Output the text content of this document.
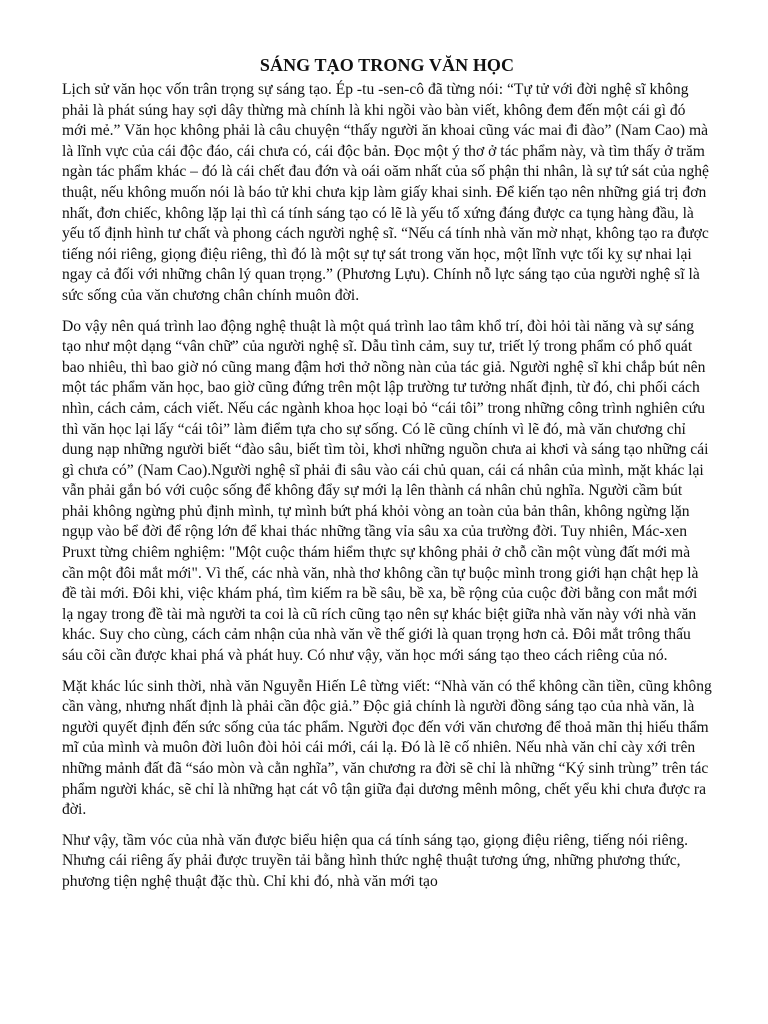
SÁNG TẠO TRONG VĂN HỌC

Lịch sử văn học vốn trân trọng sự sáng tạo. Ép -tu -sen-cô đã từng nói: “Tự tử với đời nghệ sĩ không phải là phát súng hay sợi dây thừng mà chính là khi ngồi vào bàn viết, không đem đến một cái gì đó mới mẻ.” Văn học không phải là câu chuyện “thấy người ăn khoai cũng vác mai đi đào” (Nam Cao) mà là lĩnh vực của cái độc đáo, cái chưa có, cái độc bản. Đọc một ý thơ ở tác phẩm này, và tìm thấy ở trăm ngàn tác phẩm khác – đó là cái chết đau đớn và oái oăm nhất của số phận thi nhân, là sự tứ sát của nghệ thuật, nếu không muốn nói là báo tử khi chưa kịp làm giấy khai sinh. Để kiến tạo nên những giá trị đơn nhất, đơn chiếc, không lặp lại thì cá tính sáng tạo có lẽ là yếu tố xứng đáng được ca tụng hàng đầu, là yếu tố định hình tư chất và phong cách người nghệ sĩ. “Nếu cá tính nhà văn mờ nhạt, không tạo ra được tiếng nói riêng, giọng điệu riêng, thì đó là một sự tự sát trong văn học, một lĩnh vực tối kỵ sự nhai lại ngay cả đối với những chân lý quan trọng.” (Phương Lựu). Chính nỗ lực sáng tạo của người nghệ sĩ là sức sống của văn chương chân chính muôn đời.

Do vậy nên quá trình lao động nghệ thuật là một quá trình lao tâm khổ trí, đòi hỏi tài năng và sự sáng tạo như một dạng “vân chữ” của người nghệ sĩ. Dẫu tình cảm, suy tư, triết lý trong phẩm có phổ quát bao nhiêu, thì bao giờ nó cũng mang đậm hơi thở nồng nàn của tác giả. Người nghệ sĩ khi chắp bút nên một tác phẩm văn học, bao giờ cũng đứng trên một lập trường tư tưởng nhất định, từ đó, chi phối cách nhìn, cách cảm, cách viết. Nếu các ngành khoa học loại bỏ “cái tôi” trong những công trình nghiên cứu thì văn học lại lấy “cái tôi” làm điểm tựa cho sự sống. Có lẽ cũng chính vì lẽ đó, mà văn chương chỉ dung nạp những người biết “đào sâu, biết tìm tòi, khơi những nguồn chưa ai khơi và sáng tạo những cái gì chưa có” (Nam Cao).Người nghệ sĩ phải đi sâu vào cái chủ quan, cái cá nhân của mình, mặt khác lại vẫn phải gắn bó với cuộc sống để không đẩy sự mới lạ lên thành cá nhân chủ nghĩa. Người cầm bút phải không ngừng phủ định mình, tự mình bứt phá khỏi vòng an toàn của bản thân, không ngừng lặn ngụp vào bể đời để rộng lớn để khai thác những tầng vỉa sâu xa của trường đời. Tuy nhiên, Mác-xen Pruxt từng chiêm nghiệm: "Một cuộc thám hiểm thực sự không phải ở chỗ cần một vùng đất mới mà cần một đôi mắt mới". Vì thế, các nhà văn, nhà thơ không cần tự buộc mình trong giới hạn chật hẹp là đề tài mới. Đôi khi, việc khám phá, tìm kiếm ra bề sâu, bề xa, bề rộng của cuộc đời bằng con mắt mới lạ ngay trong đề tài mà người ta coi là cũ rích cũng tạo nên sự khác biệt giữa nhà văn này với nhà văn khác. Suy cho cùng, cách cảm nhận của nhà văn về thế giới là quan trọng hơn cả. Đôi mắt trông thấu sáu cõi cần được khai phá và phát huy. Có như vậy, văn học mới sáng tạo theo cách riêng của nó.

Mặt khác lúc sinh thời, nhà văn Nguyễn Hiến Lê từng viết: “Nhà văn có thể không cần tiền, cũng không cần vàng, nhưng nhất định là phải cần độc giả.” Độc giả chính là người đồng sáng tạo của nhà văn, là người quyết định đến sức sống của tác phẩm. Người đọc đến với văn chương để thoả mãn thị hiếu thẩm mĩ của mình và muôn đời luôn đòi hỏi cái mới, cái lạ. Đó là lẽ cố nhiên. Nếu nhà văn chỉ cày xới trên những mảnh đất đã “sáo mòn và cằn nghĩa”, văn chương ra đời sẽ chỉ là những “Ký sinh trùng” trên tác phẩm người khác, sẽ chỉ là những hạt cát vô tận giữa đại dương mênh mông, chết yểu khi chưa được ra đời.

Như vậy, tầm vóc của nhà văn được biểu hiện qua cá tính sáng tạo, giọng điệu riêng, tiếng nói riêng. Nhưng cái riêng ấy phải được truyền tải bằng hình thức nghệ thuật tương ứng, những phương thức, phương tiện nghệ thuật đặc thù. Chỉ khi đó, nhà văn mới tạo
